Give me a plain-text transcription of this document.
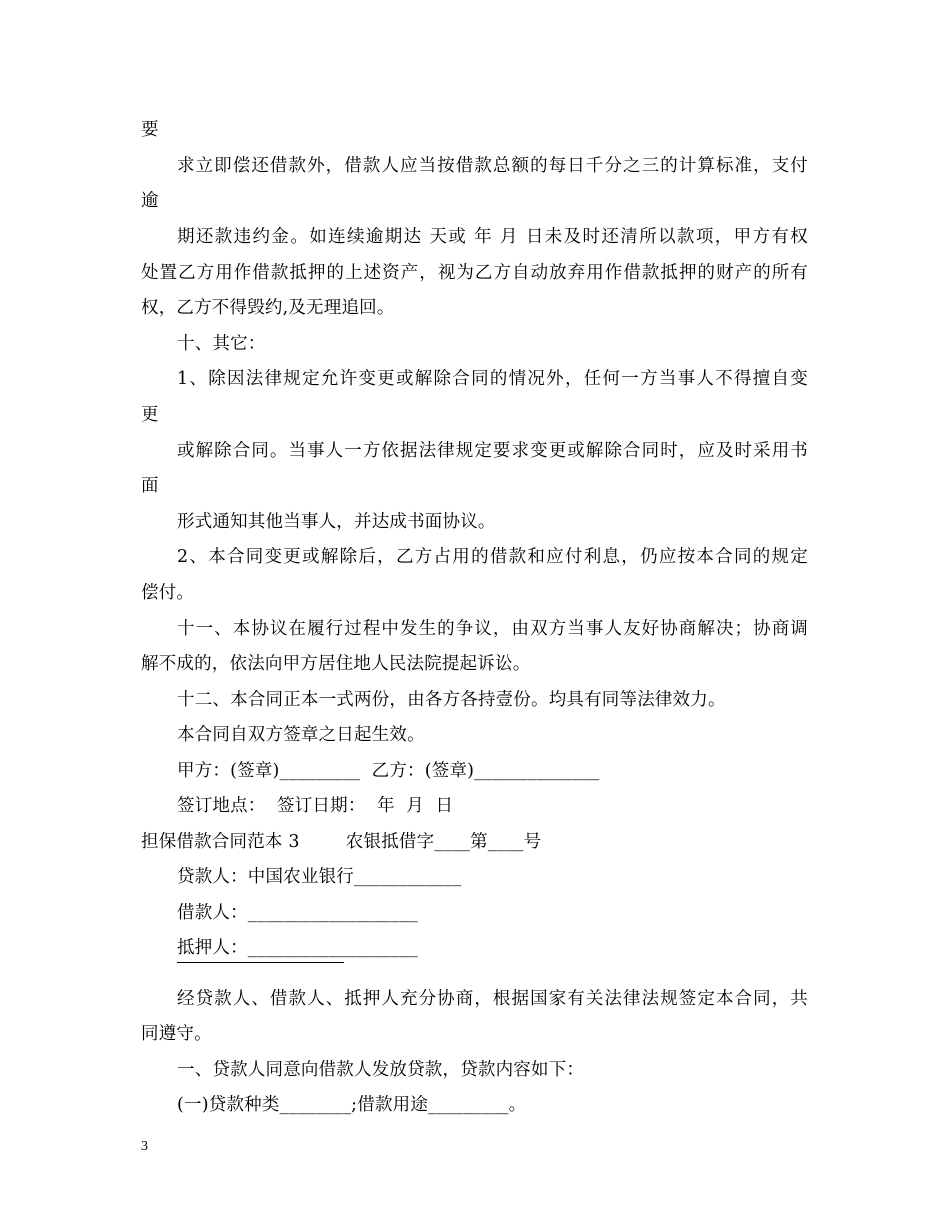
要
求立即偿还借款外，借款人应当按借款总额的每日千分之三的计算标准，支付
逾
期还款违约金。如连续逾期达 天或 年 月 日未及时还清所以款项，甲方有权
处置乙方用作借款抵押的上述资产，视为乙方自动放弃用作借款抵押的财产的所有
权，乙方不得毁约,及无理追回。
十、其它：
1、除因法律规定允许变更或解除合同的情况外，任何一方当事人不得擅自变
更
或解除合同。当事人一方依据法律规定要求变更或解除合同时，应及时采用书
面
形式通知其他当事人，并达成书面协议。
2、本合同变更或解除后，乙方占用的借款和应付利息，仍应按本合同的规定
偿付。
十一、本协议在履行过程中发生的争议，由双方当事人友好协商解决；协商调
解不成的，依法向甲方居住地人民法院提起诉讼。
十二、本合同正本一式两份，由各方各持壹份。均具有同等法律效力。
本合同自双方签章之日起生效。
甲方：(签章)_________  乙方：(签章)______________
签订地点：  签订日期：  年  月  日
担保借款合同范本 3        农银抵借字____第____号
贷款人：中国农业银行____________
借款人：___________________
抵押人：___________________
经贷款人、借款人、抵押人充分协商，根据国家有关法律法规签定本合同，共
同遵守。
一、贷款人同意向借款人发放贷款，贷款内容如下：
(一)贷款种类________;借款用途_________。
3
